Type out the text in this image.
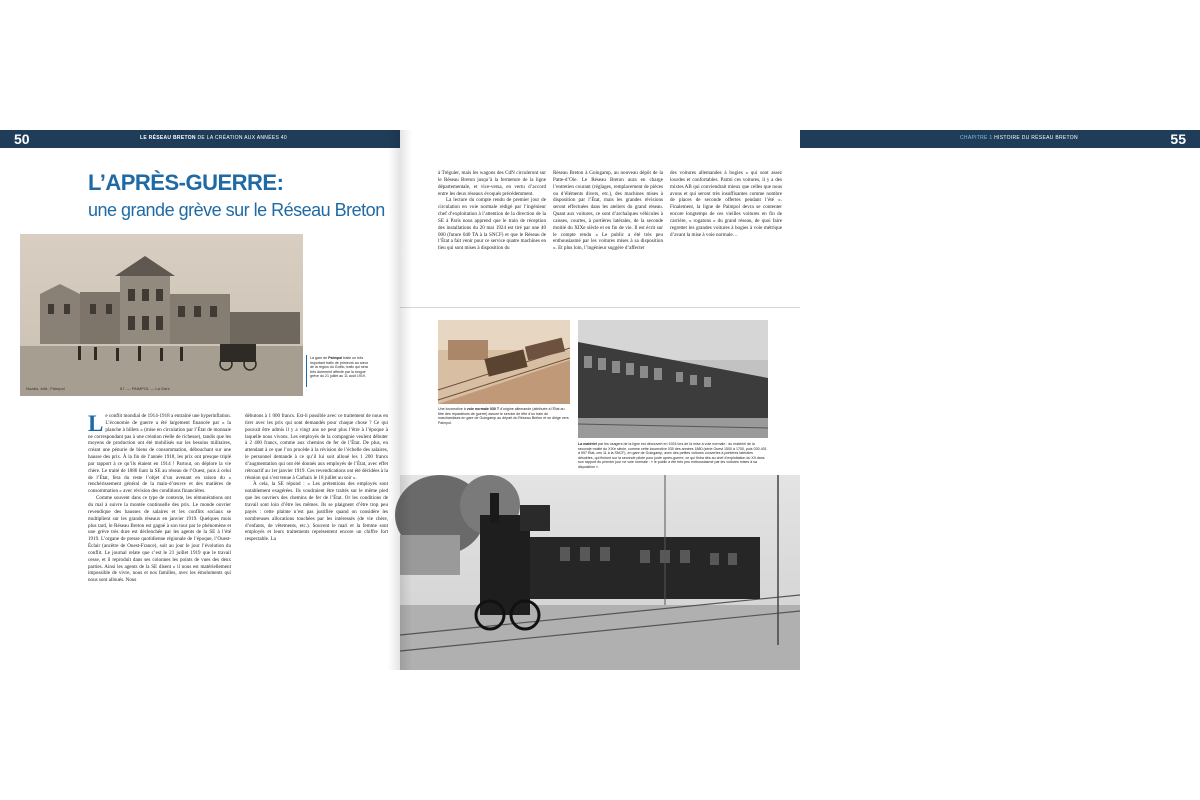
50	LE RÉSEAU BRETON DE LA CRÉATION AUX ANNÉES 40
L’APRÈS-GUERRE:
une grande grève sur le Réseau Breton
Nozais, édit., Paimpol	87. — PAIMPOL — La Gare

La gare de Paimpol traite un très important trafic de primeurs au cœur de la région du Goëlo, trafic qui sera très durement affecté par la longue grève du 21 juillet au 11 août 1919.

Le conflit mondial de 1914-1918 a entraîné une hyperinflation. L’économie de guerre a été largement financée par « la planche à billets » (mise en circulation par l’État de monnaie ne correspondant pas à une création réelle de richesse), tandis que les moyens de production ont été mobilisés sur les besoins militaires, créant une pénurie de biens de consommation, débouchant sur une hausse des prix. À la fin de l’année 1918, les prix ont presque triplé par rapport à ce qu’ils étaient en 1914 ! Partout, on déplore la vie chère. Le traité de 1886 liant la SE au réseau de l’Ouest, puis à celui de l’État, fera du reste l’objet d’un avenant en raison du « renchérissement général de la main-d’œuvre et des matières de consommation » avec révision des conditions financières.

Comme souvent dans ce type de contexte, les rémunérations ont du mal à suivre la montée continuelle des prix. Le monde ouvrier revendique des hausses de salaires et les conflits sociaux se multiplient sur les grands réseaux en janvier 1919. Quelques mois plus tard, le Réseau Breton est gagné à son tour par le phénomène et une grève très dure est déclenchée par les agents de la SE à l’été 1919. L’organe de presse quotidienne régionale de l’époque, l’Ouest-Éclair (ancêtre de Ouest-France), suit au jour le jour l’évolution du conflit. Le journal relate que c’est le 21 juillet 1919 que le travail cesse, et il reproduit dans ses colonnes les points de vues des deux parties. Ainsi les agents de la SE disent « il nous est matériellement impossible de vivre, nous et nos familles, avec les émoluments qui nous sont alloués. Nous

débutons à 1 000 francs. Est-il possible avec ce traitement de nous en tirer avec les prix qui sont demandés pour chaque chose ? Ce qui pouvait être admis il y a vingt ans ne peut plus l’être à l’époque à laquelle nous vivons. Les employés de la compagnie veulent débuter à 2 400 francs, comme aux chemins de fer de l’État. De plus, en attendant à ce que l’on procède à la révision de l’échelle des salaires, le personnel demande à ce qu’il lui soit alloué les 1 200 francs d’augmentation qui ont été donnés aux employés de l’État, avec effet rétroactif au 1er janvier 1919. Ces revendications ont été décidées à la réunion qui s’est tenue à Carhaix le 18 juillet au soir ».

À cela, la SE répond : « Les prétentions des employés sont notablement exagérées. Ils voudraient être traités sur le même pied que les ouvriers des chemins de fer de l’État. Or les conditions de travail sont loin d’être les mêmes. Ils se plaignent d’être trop peu payés : cette plainte n’est pas justifiée quand on considère les nombreuses allocations touchées par les intéressés (de vie chère, d’enfants, de vêtements, etc.). Souvent le mari et la femme sont employés et leurs traitements représentent encore un chiffre fort respectable. La

CHAPITRE 1 HISTOIRE DU RÉSEAU BRETON	55

à Tréguier, mais les wagons des CdN circuleront sur le Réseau Breton jusqu’à la fermeture de la ligne départementale, et vice-versa, en vertu d’accord entre les deux réseaux évoqués précédemment.

La lecture du compte rendu de premier jour de circulation en voie normale rédigé par l’ingénieur chef d’exploitation à l’attention de la direction de la SE à Paris nous apprend que le train de réception des installations du 20 mai 1924 est tiré par une 40 000 (future 040 TA à la SNCF) et que le Réseau de l’État a fait venir pour ce service quatre machines en lieu qui sont mises à disposition du

Réseau Breton à Guingamp, au nouveau dépôt de la Patte-d’Oie. Le Réseau Breton aura en charge l’entretien courant (réglages, remplacement de pièces ou d’éléments divers, etc.), des machines mises à disposition par l’État, mais les grandes révisions seront effectuées dans les ateliers du grand réseau. Quant aux voitures, ce sont d’archaïques véhicules à caisses, courtes, à portières latérales, de la seconde moitié du XIXe siècle et en fin de vie. Il est écrit sur le compte rendu « Le public a été très peu enthousiasmé par les voitures mises à sa disposition ». Et plus loin, l’ingénieur suggère d’affecter

des voitures allemandes à bogies « qui sont assez lourdes et confortables. Parmi ces voitures, il y a des mixtes AB qui conviendrait mieux que celles que nous avons et qui seront très insuffisantes comme nombre de places de seconde offertes pendant l’été ». Finalement, la ligne de Paimpol devra se contenter encore longtemps de ces vieilles voitures en fin de carrière, « rogatons » du grand réseau, de quoi faire regretter les grandes voitures à bogies à voie métrique d’avant la mise à voie normale…

Une locomotive à voie normale 030 T d’origine allemande (attribuée à l’État au titre des réparations de guerre) assure le service de tête d’un train de marchandises en gare de Guingamp au départ du Réseau Breton et se dirige vers Paimpol.

La matériel par les usagers de la ligne est découvert en 1924 lors de la mise à voie normale : du matériel de la seconde moitié du XIXe siècle, comme cette locomotive 030 des années 1880 (série Ouest 1500 à 1700, puis 030-401 à 597 État, ces 11 à la SNCF), en gare de Guingamp, avec des petites voitures couvertes à portières latérales désuètes, qui finiront sur la seconde pilote pour juste après-guerre, ce qui finira dès au chef d’exploitation du XII dans son rapport du premier jour ne voie normale : « le public a été très peu enthousiasmé par les voitures mises à sa disposition ».
